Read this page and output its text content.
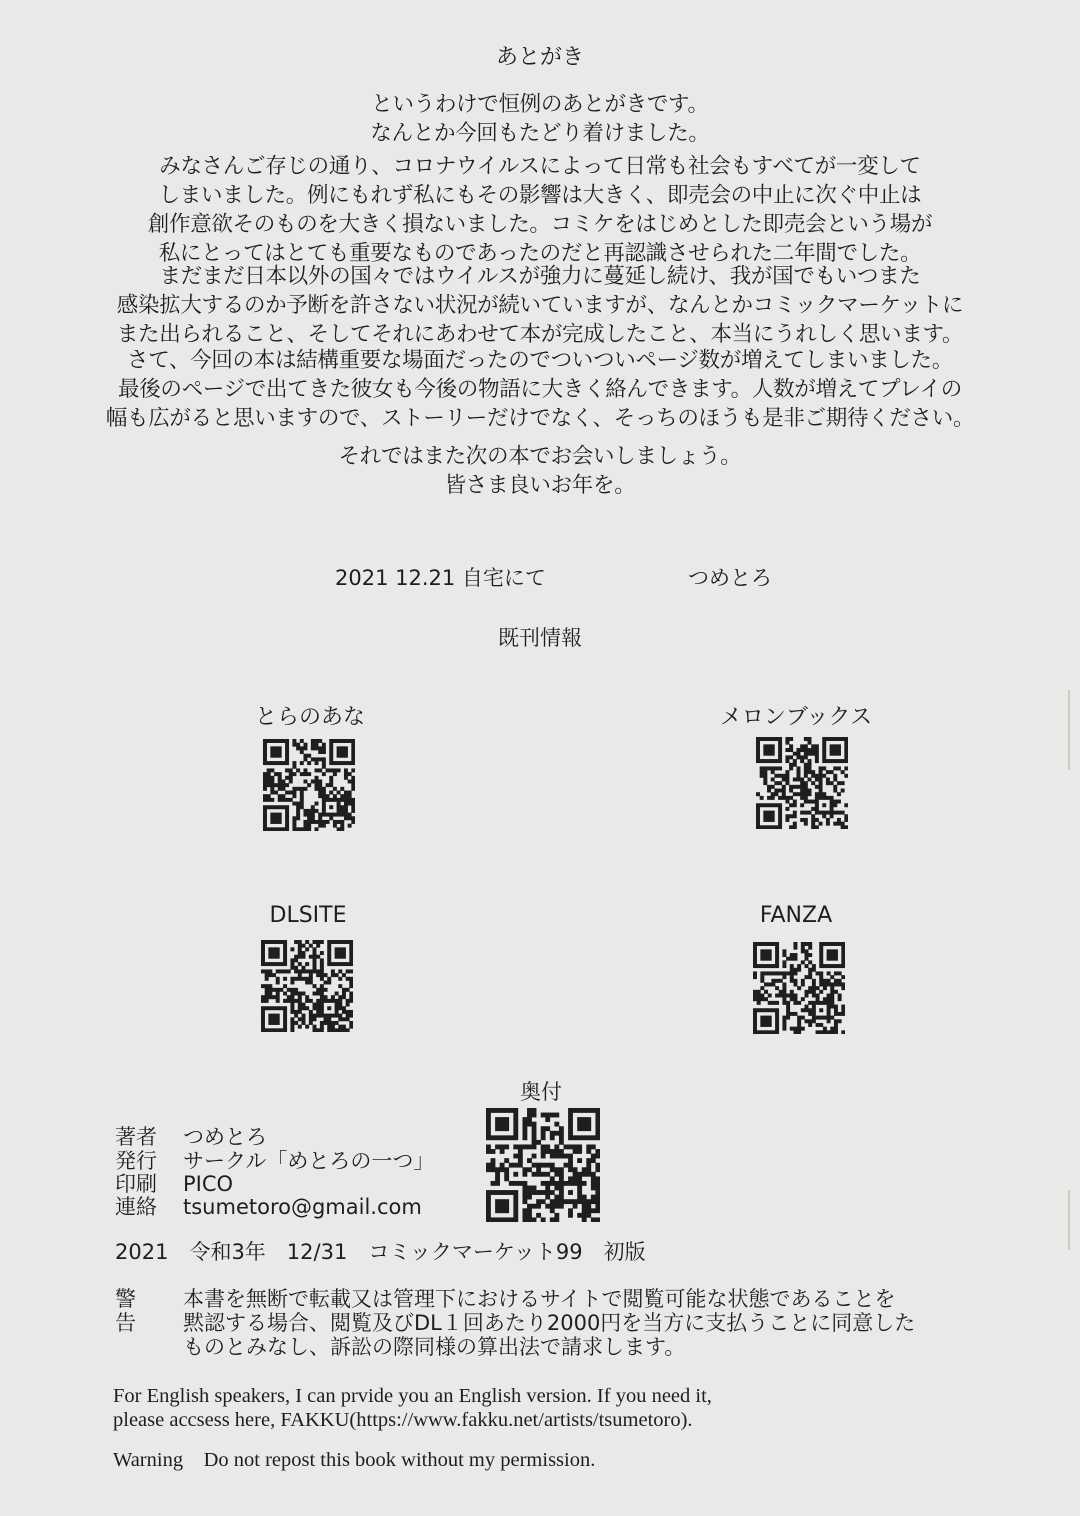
あとがき
というわけで恒例のあとがきです。
なんとか今回もたどり着けました。
みなさんご存じの通り、コロナウイルスによって日常も社会もすべてが一変して
しまいました。例にもれず私にもその影響は大きく、即売会の中止に次ぐ中止は
創作意欲そのものを大きく損ないました。コミケをはじめとした即売会という場が
私にとってはとても重要なものであったのだと再認識させられた二年間でした。
まだまだ日本以外の国々ではウイルスが強力に蔓延し続け、我が国でもいつまた
感染拡大するのか予断を許さない状況が続いていますが、なんとかコミックマーケットに
また出られること、そしてそれにあわせて本が完成したこと、本当にうれしく思います。
さて、今回の本は結構重要な場面だったのでついついページ数が増えてしまいました。
最後のページで出てきた彼女も今後の物語に大きく絡んできます。人数が増えてプレイの
幅も広がると思いますので、ストーリーだけでなく、そっちのほうも是非ご期待ください。
それではまた次の本でお会いしましょう。
皆さま良いお年を。
2021 12.21 自宅にて	つめとろ
既刊情報
とらのあな	メロンブックス
DLSITE	FANZA
奥付
著者 つめとろ
発行 サークル「めとろの一つ」
印刷 PICO
連絡 tsumetoro@gmail.com
2021　令和3年　12/31　コミックマーケット99　初版
警告
本書を無断で転載又は管理下におけるサイトで閲覧可能な状態であることを
黙認する場合、閲覧及びDL１回あたり2000円を当方に支払うことに同意した
ものとみなし、訴訟の際同様の算出法で請求します。
For English speakers, I can prvide you an English version. If you need it,
please accsess here, FAKKU(https://www.fakku.net/artists/tsumetoro).
Warning　Do not repost this book without my permission.
